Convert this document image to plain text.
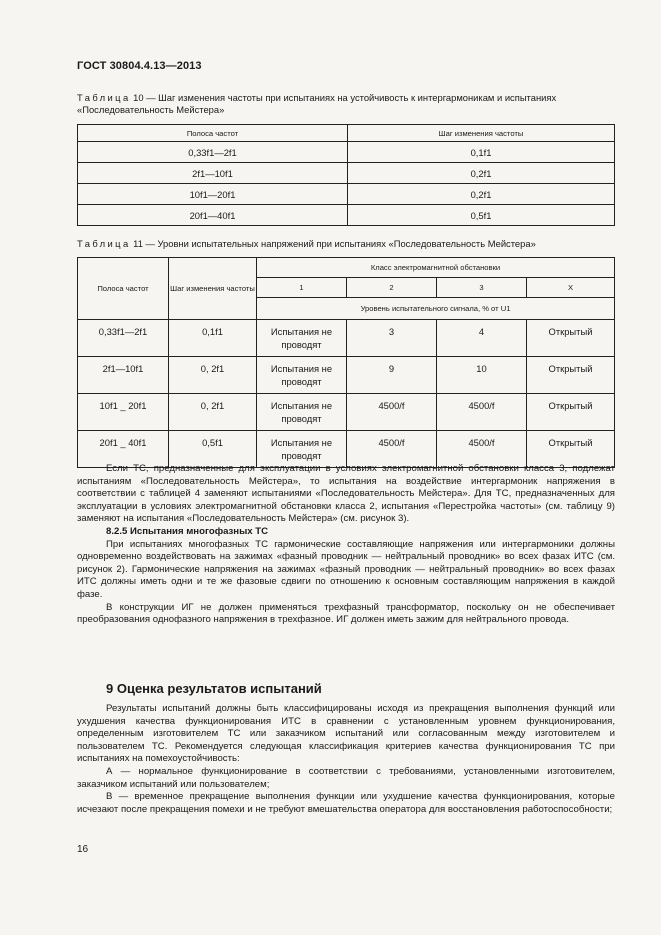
ГОСТ 30804.4.13—2013
Таблица 10 — Шаг изменения частоты при испытаниях на устойчивость к интергармоникам и испытаниях «Последовательность Мейстера»
Полоса частот	Шаг изменения частоты
0,33f1—2f1	0,1f1
2f1—10f1	0,2f1
10f1—20f1	0,2f1
20f1—40f1	0,5f1
Таблица 11 — Уровни испытательных напряжений при испытаниях «Последовательность Мейстера»
Полоса частот	Шаг изменения частоты	Класс электромагнитной обстановки			
		1	2	3	X
		Уровень испытательного сигнала, % от U1			
0,33f1—2f1	0,1f1	Испытания не проводят	3	4	Открытый
2f1—10f1	0, 2f1	Испытания не проводят	9	10	Открытый
10f1 _ 20f1	0, 2f1	Испытания не проводят	4500/f	4500/f	Открытый
20f1 _ 40f1	0,5f1	Испытания не проводят	4500/f	4500/f	Открытый

Если ТС, предназначенные для эксплуатации в условиях электромагнитной обстановки класса 3, подлежат испытаниям «Последовательность Мейстера», то испытания на воздействие интергармоник напряжения в соответствии с таблицей 4 заменяют испытаниями «Последовательность Мейстера». Для ТС, предназначенных для эксплуатации в условиях электромагнитной обстановки класса 2, испытания «Перестройка частоты» (см. таблицу 9) заменяют на испытания «Последовательность Мейстера» (см. рисунок 3).

8.2.5 Испытания многофазных ТС

При испытаниях многофазных ТС гармонические составляющие напряжения или интергармоники должны одновременно воздействовать на зажимах «фазный проводник — нейтральный проводник» во всех фазах ИТС (см. рисунок 2). Гармонические напряжения на зажимах «фазный проводник — нейтральный проводник» во всех фазах ИТС должны иметь одни и те же фазовые сдвиги по отношению к основным составляющим напряжения в каждой фазе.

В конструкции ИГ не должен применяться трехфазный трансформатор, поскольку он не обеспечивает преобразования однофазного напряжения в трехфазное. ИГ должен иметь зажим для нейтрального провода.

9 Оценка результатов испытаний

Результаты испытаний должны быть классифицированы исходя из прекращения выполнения функций или ухудшения качества функционирования ИТС в сравнении с установленным уровнем функционирования, определенным изготовителем ТС или заказчиком испытаний или согласованным между изготовителем и пользователем ТС. Рекомендуется следующая классификация критериев качества функционирования ТС при испытаниях на помехоустойчивость:

А — нормальное функционирование в соответствии с требованиями, установленными изготовителем, заказчиком испытаний или пользователем;

В — временное прекращение выполнения функции или ухудшение качества функционирования, которые исчезают после прекращения помехи и не требуют вмешательства оператора для восстановления работоспособности;

16
